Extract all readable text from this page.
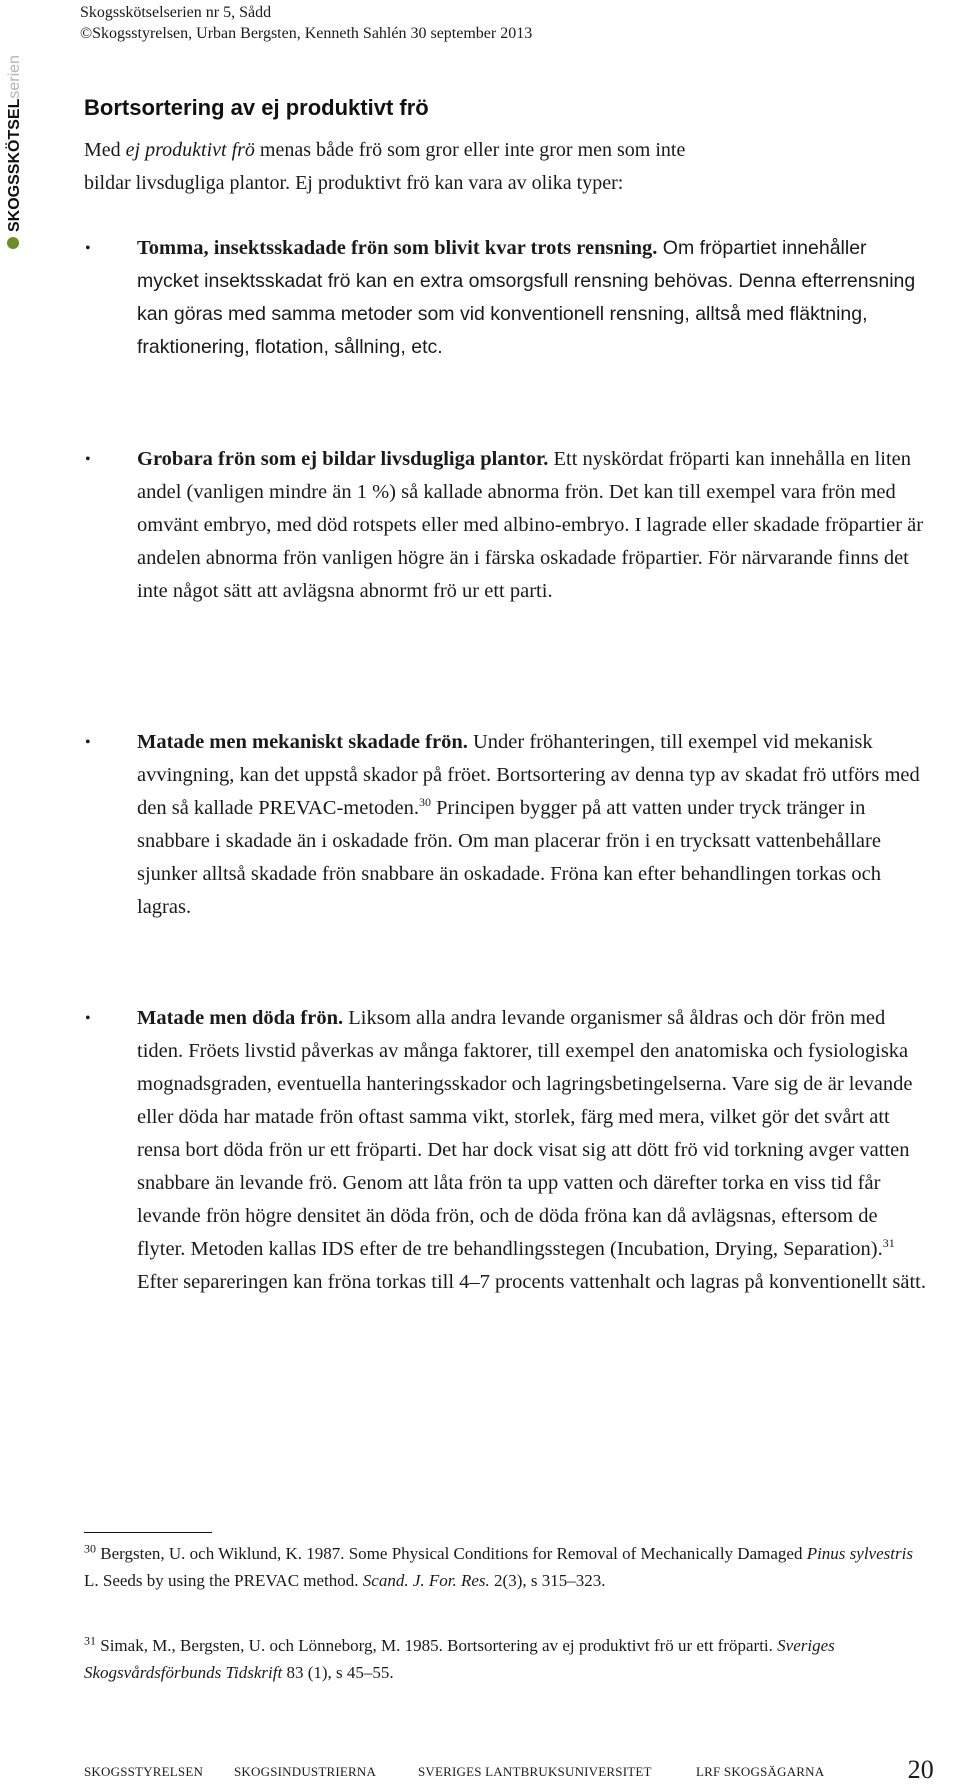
Skogsskötselserien nr 5, Sådd
©Skogsstyrelsen, Urban Bergsten, Kenneth Sahlén 30 september 2013
SKOGSSKÖTSELserien
Bortsortering av ej produktivt frö

Med ej produktivt frö menas både frö som gror eller inte gror men som inte
bildar livsdugliga plantor. Ej produktivt frö kan vara av olika typer:

• Tomma, insektsskadade frön som blivit kvar trots rensning. Om fröpartiet innehåller mycket insektsskadat frö kan en extra omsorgsfull rensning behövas. Denna efterrensning kan göras med samma metoder som vid konventionell rensning, alltså med fläktning, fraktionering, flotation, sållning, etc.
• Grobara frön som ej bildar livsdugliga plantor. Ett nyskördat fröparti kan innehålla en liten andel (vanligen mindre än 1 %) så kallade abnorma frön. Det kan till exempel vara frön med omvänt embryo, med död rotspets eller med albino-embryo. I lagrade eller skadade fröpartier är andelen abnorma frön vanligen högre än i färska oskadade fröpartier. För närvarande finns det inte något sätt att avlägsna abnormt frö ur ett parti.
• Matade men mekaniskt skadade frön. Under fröhanteringen, till exempel vid mekanisk avvingning, kan det uppstå skador på fröet. Bortsortering av denna typ av skadat frö utförs med den så kallade PREVAC-metoden.$^{30}$ Principen bygger på att vatten under tryck tränger in snabbare i skadade än i oskadade frön. Om man placerar frön i en trycksatt vattenbehållare sjunker alltså skadade frön snabbare än oskadade. Fröna kan efter behandlingen torkas och lagras.
• Matade men döda frön. Liksom alla andra levande organismer så åldras och dör frön med tiden. Fröets livstid påverkas av många faktorer, till exempel den anatomiska och fysiologiska mognadsgraden, eventuella hanteringsskador och lagringsbetingelserna. Vare sig de är levande eller döda har matade frön oftast samma vikt, storlek, färg med mera, vilket gör det svårt att rensa bort döda frön ur ett fröparti. Det har dock visat sig att dött frö vid torkning avger vatten snabbare än levande frö. Genom att låta frön ta upp vatten och därefter torka en viss tid får levande frön högre densitet än döda frön, och de döda fröna kan då avlägsnas, eftersom de flyter. Metoden kallas IDS efter de tre behandlingsstegen (Incubation, Drying, Separation).$^{31}$ Efter separeringen kan fröna torkas till 4–7 procents vattenhalt och lagras på konventionellt sätt.
$^{30}$ Bergsten, U. och Wiklund, K. 1987. Some Physical Conditions for Removal of Mechanically Damaged Pinus sylvestris L. Seeds by using the PREVAC method. Scand. J. For. Res. 2(3), s 315–323.
$^{31}$ Simak, M., Bergsten, U. och Lönneborg, M. 1985. Bortsortering av ej produktivt frö ur ett fröparti. Sveriges Skogsvårdsförbunds Tidskrift 83 (1), s 45–55.
SKOGSSTYRELSEN SKOGSINDUSTRIERNA	SVERIGES LANTBRUKSUNIVERSITET	LRF SKOGSÄGARNA	20
